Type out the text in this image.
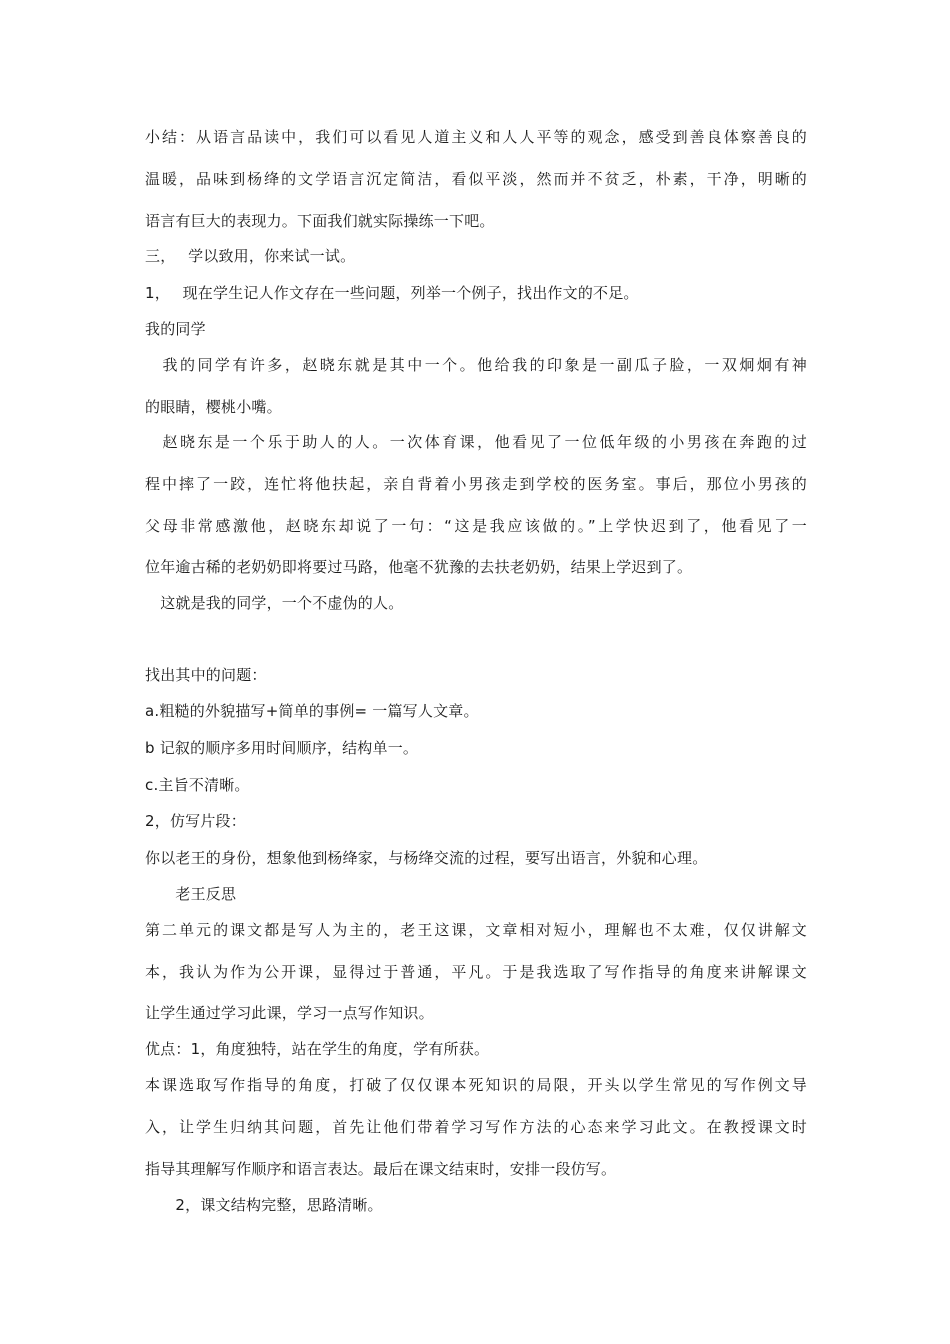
小结：从语言品读中，我们可以看见人道主义和人人平等的观念，感受到善良体察善良的
温暖，品味到杨绛的文学语言沉定简洁，看似平淡，然而并不贫乏，朴素，干净，明晰的
语言有巨大的表现力。下面我们就实际操练一下吧。
三，　 学以致用，你来试一试。
1，　 现在学生记人作文存在一些问题，列举一个例子，找出作文的不足。
我的同学
　我的同学有许多，赵晓东就是其中一个。他给我的印象是一副瓜子脸，一双炯炯有神
的眼睛，樱桃小嘴。
　赵晓东是一个乐于助人的人。一次体育课，他看见了一位低年级的小男孩在奔跑的过
程中摔了一跤，连忙将他扶起，亲自背着小男孩走到学校的医务室。事后，那位小男孩的
父母非常感激他，赵晓东却说了一句：“这是我应该做的。”上学快迟到了，他看见了一
位年逾古稀的老奶奶即将要过马路，他毫不犹豫的去扶老奶奶，结果上学迟到了。
　这就是我的同学，一个不虚伪的人。
找出其中的问题：
a.粗糙的外貌描写+简单的事例= 一篇写人文章。
b 记叙的顺序多用时间顺序，结构单一。
c.主旨不清晰。
2，仿写片段：
你以老王的身份，想象他到杨绛家，与杨绛交流的过程，要写出语言，外貌和心理。
　　老王反思
第二单元的课文都是写人为主的，老王这课，文章相对短小，理解也不太难，仅仅讲解文
本，我认为作为公开课，显得过于普通，平凡。于是我选取了写作指导的角度来讲解课文
让学生通过学习此课，学习一点写作知识。
优点：1，角度独特，站在学生的角度，学有所获。
本课选取写作指导的角度，打破了仅仅课本死知识的局限，开头以学生常见的写作例文导
入，让学生归纳其问题，首先让他们带着学习写作方法的心态来学习此文。在教授课文时
指导其理解写作顺序和语言表达。最后在课文结束时，安排一段仿写。
　　2，课文结构完整，思路清晰。
